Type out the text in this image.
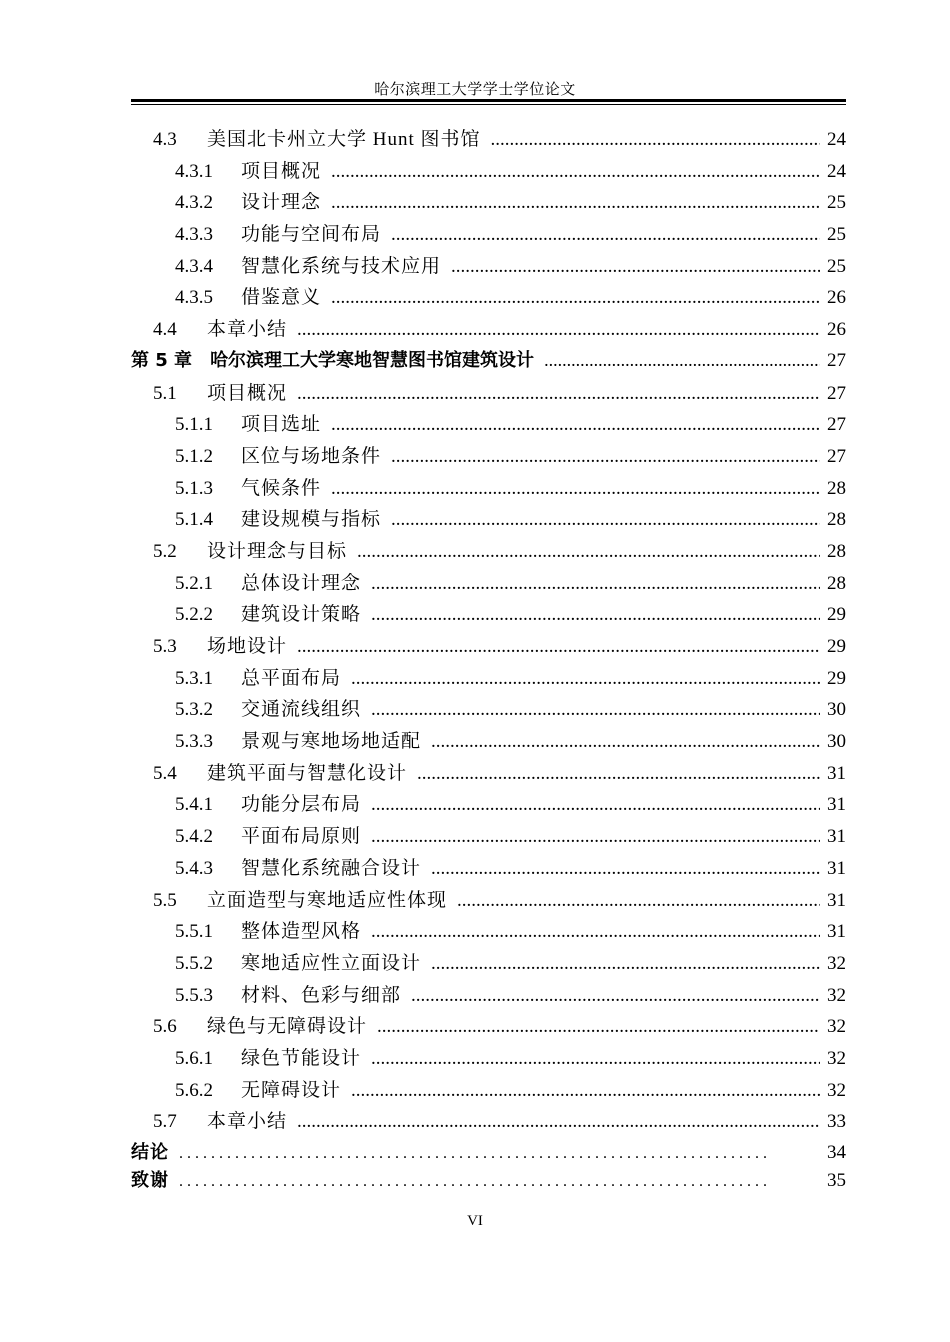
哈尔滨理工大学学士学位论文
4.3	美国北卡州立大学 Hunt 图书馆 .....	24
4.3.1 项目概况 .....	24
4.3.2 设计理念 .....	25
4.3.3 功能与空间布局 .....	25
4.3.4 智慧化系统与技术应用 .....	25
4.3.5 借鉴意义 .....	26
4.4	本章小结 .....	26
第 5 章 哈尔滨理工大学寒地智慧图书馆建筑设计 .....	27
5.1	项目概况 .....	27
5.1.1 项目选址 .....	27
5.1.2 区位与场地条件 .....	27
5.1.3 气候条件 .....	28
5.1.4 建设规模与指标 .....	28
5.2	设计理念与目标 .....	28
5.2.1 总体设计理念 .....	28
5.2.2 建筑设计策略 .....	29
5.3	场地设计 .....	29
5.3.1 总平面布局 .....	29
5.3.2 交通流线组织 .....	30
5.3.3 景观与寒地场地适配 .....	30
5.4	建筑平面与智慧化设计 .....	31
5.4.1 功能分层布局 .....	31
5.4.2 平面布局原则 .....	31
5.4.3 智慧化系统融合设计 .....	31
5.5	立面造型与寒地适应性体现 .....	31
5.5.1 整体造型风格 .....	31
5.5.2 寒地适应性立面设计 .....	32
5.5.3 材料、色彩与细部 .....	32
5.6	绿色与无障碍设计 .....	32
5.6.1 绿色节能设计 .....	32
5.6.2 无障碍设计 .....	32
5.7	本章小结 .....	33
结论 . . .	34
致谢 . . .	35
VI
